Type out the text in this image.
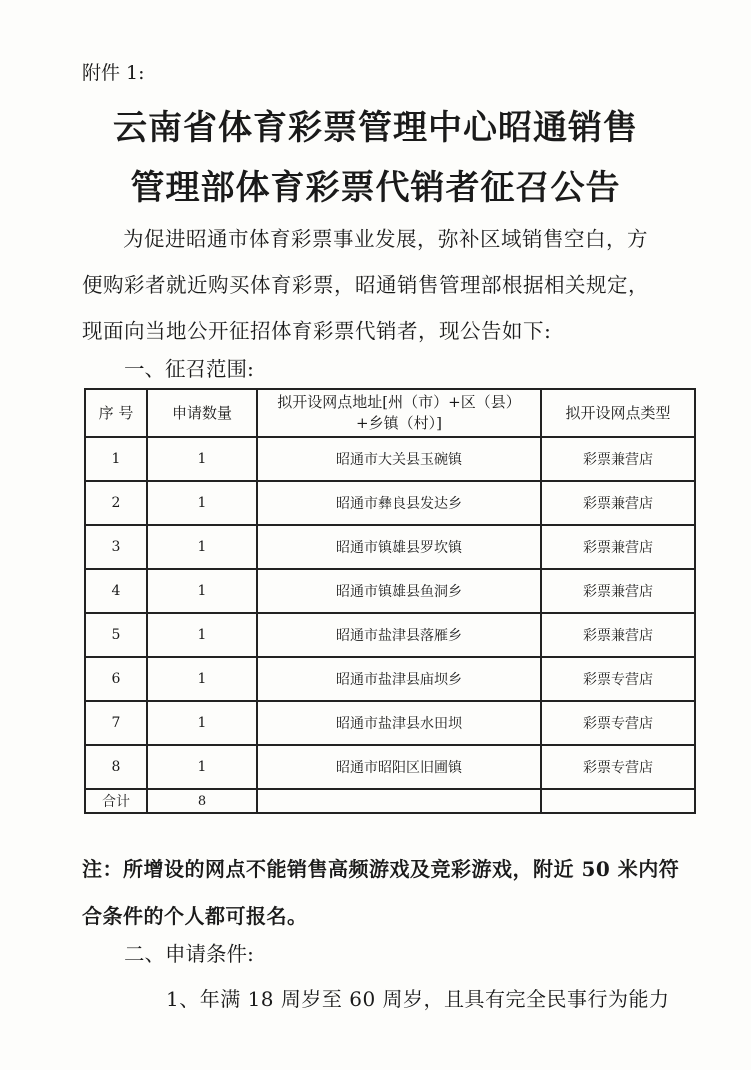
附件 1:
云南省体育彩票管理中心昭通销售
管理部体育彩票代销者征召公告
为促进昭通市体育彩票事业发展，弥补区域销售空白，方便购彩者就近购买体育彩票，昭通销售管理部根据相关规定，现面向当地公开征招体育彩票代销者，现公告如下:
一、征召范围:
序 号	申请数量	拟开设网点地址[州（市）+区（县）+乡镇（村）]	拟开设网点类型
1	1	昭通市大关县玉碗镇	彩票兼营店
2	1	昭通市彝良县发达乡	彩票兼营店
3	1	昭通市镇雄县罗坎镇	彩票兼营店
4	1	昭通市镇雄县鱼洞乡	彩票兼营店
5	1	昭通市盐津县落雁乡	彩票兼营店
6	1	昭通市盐津县庙坝乡	彩票专营店
7	1	昭通市盐津县水田坝	彩票专营店
8	1	昭通市昭阳区旧圃镇	彩票专营店
合计	8		
注：所增设的网点不能销售高频游戏及竞彩游戏，附近 50 米内符合条件的个人都可报名。
二、申请条件:
1、年满 18 周岁至 60 周岁，且具有完全民事行为能力
